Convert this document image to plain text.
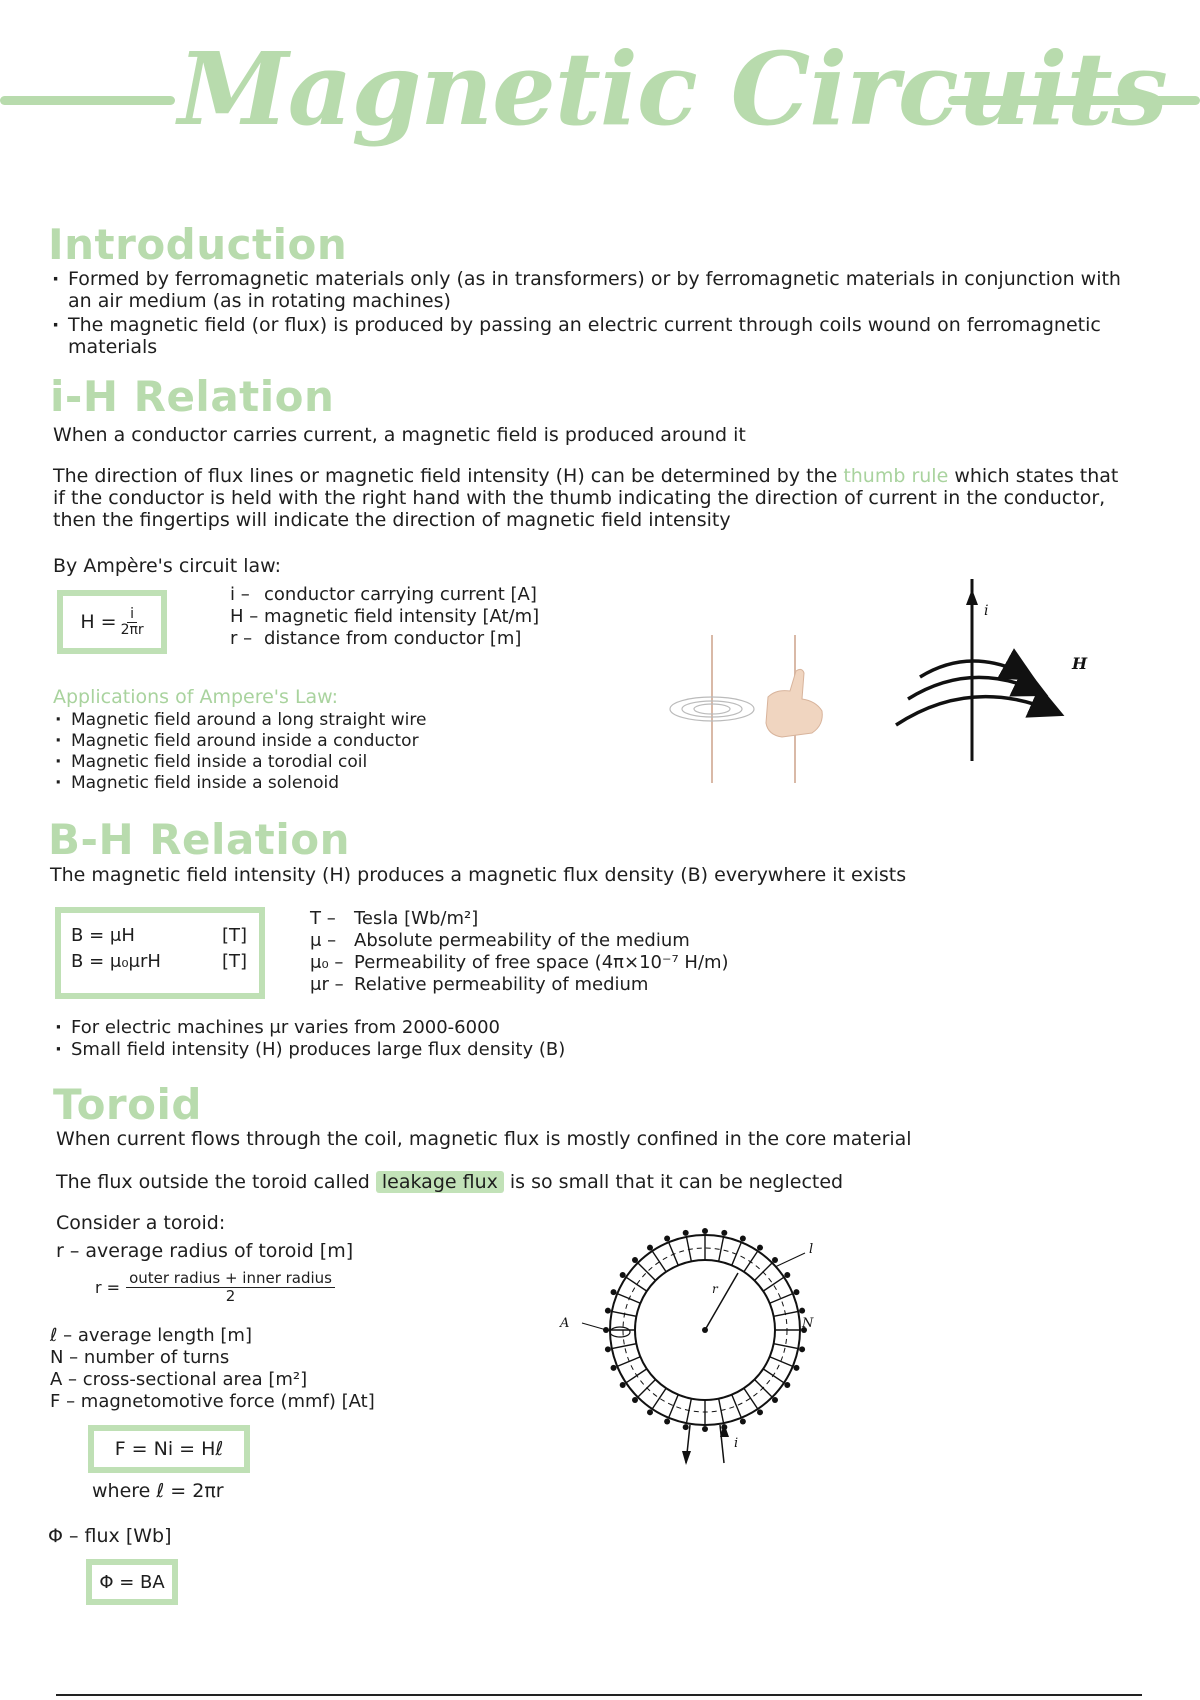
Magnetic Circuits
Introduction
· Formed by ferromagnetic materials only (as in transformers) or by ferromagnetic materials in conjunction with an air medium (as in rotating machines)
· The magnetic field (or flux) is produced by passing an electric current through coils wound on ferromagnetic materials
i-H Relation
When a conductor carries current, a magnetic field is produced around it
The direction of flux lines or magnetic field intensity (H) can be determined by the thumb rule which states that if the conductor is held with the right hand with the thumb indicating the direction of current in the conductor, then the fingertips will indicate the direction of magnetic field intensity
By Ampère's circuit law:
$H = \frac{i}{2\pi r}$
i – conductor carrying current [A]
H – magnetic field intensity [At/m]
r – distance from conductor [m]
Applications of Ampere's Law:
· Magnetic field around a long straight wire
· Magnetic field around inside a conductor
· Magnetic field inside a torodial coil
· Magnetic field inside a solenoid
i
H
B-H Relation
The magnetic field intensity (H) produces a magnetic flux density (B) everywhere it exists
B = μH	[T]
B = μ₀μrH	[T]
T –	Tesla [Wb/m²]
μ – Absolute permeability of the medium
μ₀ – Permeability of free space (4π×10⁻⁷ H/m)
μr – Relative permeability of medium
· For electric machines μr varies from 2000-6000
· Small field intensity (H) produces large flux density (B)
Toroid
When current flows through the coil, magnetic flux is mostly confined in the core material
The flux outside the toroid called leakage flux is so small that it can be neglected
Consider a toroid:
r – average radius of toroid [m]
$r = \frac{\text{outer radius + inner radius}}{2}$
ℓ – average length [m]
N – number of turns
A – cross-sectional area [m²]
F – magnetomotive force (mmf) [At]
F = Ni = Hℓ
where ℓ = 2πr
Φ – flux [Wb]
Φ = BA
r
l
N
A
i
